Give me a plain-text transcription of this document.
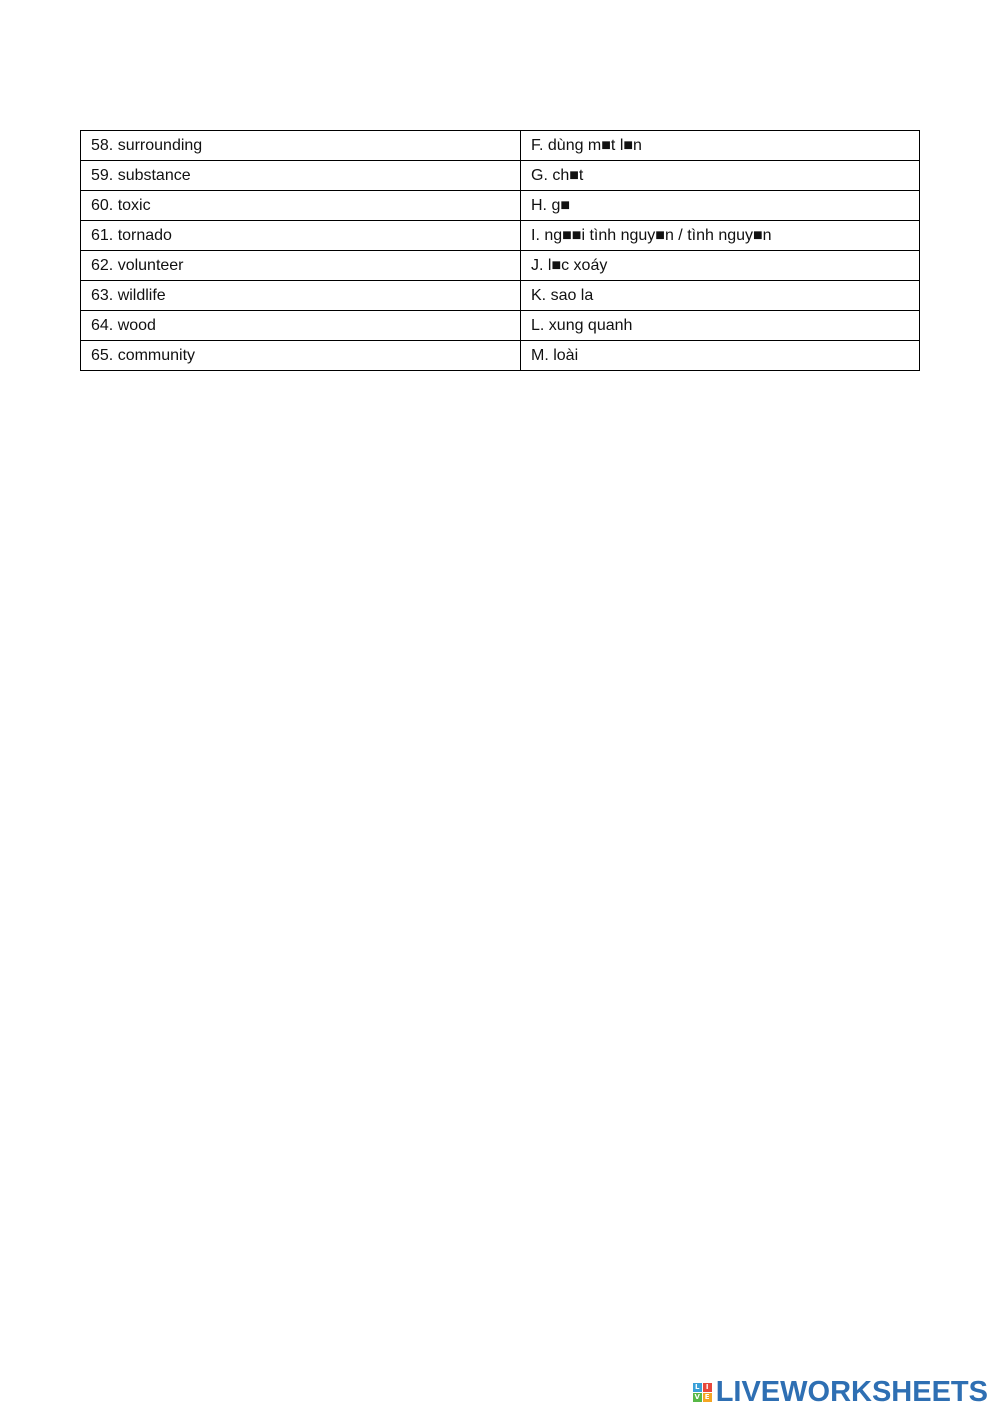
58. surrounding	F. dùng m■t l■n
59. substance	G. ch■t
60. toxic	H. g■
61. tornado	I. ng■■i tình nguy■n / tình nguy■n
62. volunteer	J. l■c xoáy
63. wildlife	K. sao la
64. wood	L. xung quanh
65. community	M. loài
L I
V E LIVEWORKSHEETS
